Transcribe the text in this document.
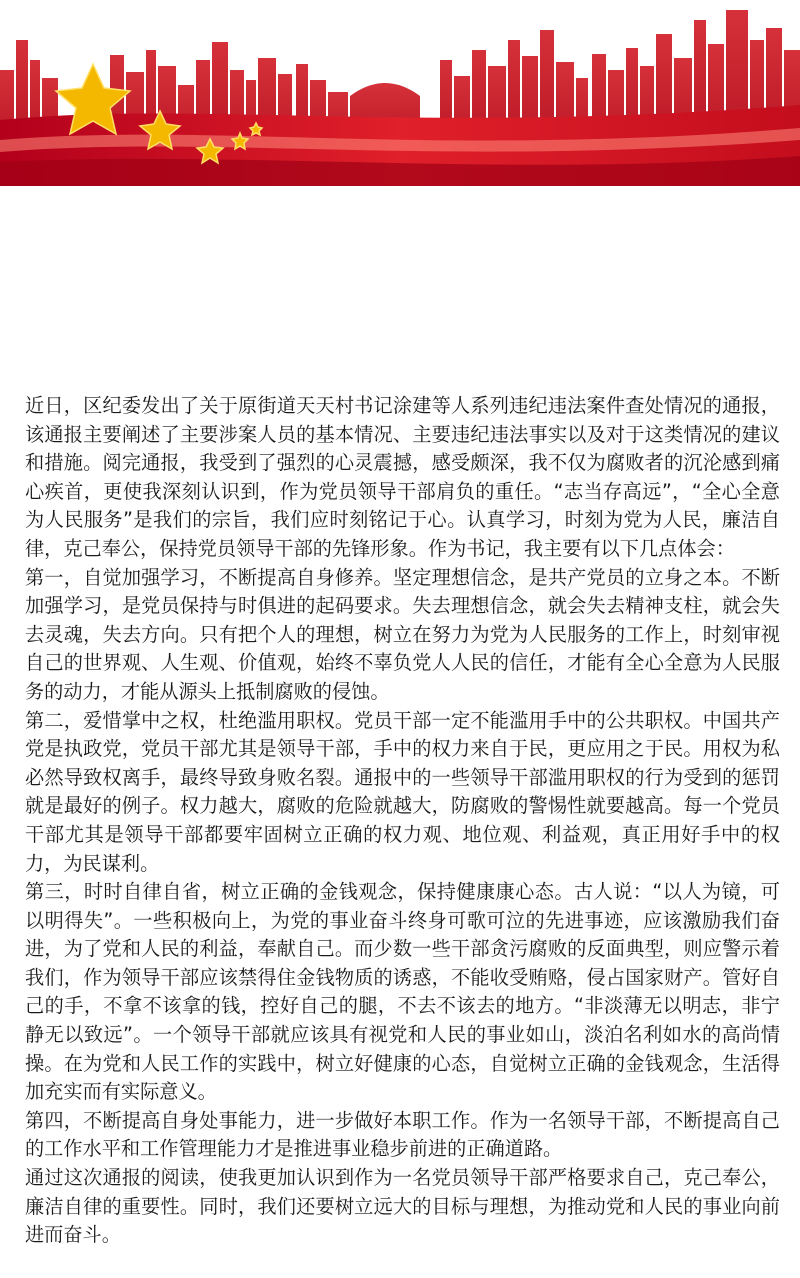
近日，区纪委发出了关于原街道天天村书记涂建等人系列违纪违法案件查处情况的通报，该通报主要阐述了主要涉案人员的基本情况、主要违纪违法事实以及对于这类情况的建议和措施。阅完通报，我受到了强烈的心灵震撼，感受颇深，我不仅为腐败者的沉沦感到痛心疾首，更使我深刻认识到，作为党员领导干部肩负的重任。“志当存高远”，“全心全意为人民服务”是我们的宗旨，我们应时刻铭记于心。认真学习，时刻为党为人民，廉洁自律，克己奉公，保持党员领导干部的先锋形象。作为书记，我主要有以下几点体会：

第一，自觉加强学习，不断提高自身修养。坚定理想信念，是共产党员的立身之本。不断加强学习，是党员保持与时俱进的起码要求。失去理想信念，就会失去精神支柱，就会失去灵魂，失去方向。只有把个人的理想，树立在努力为党为人民服务的工作上，时刻审视自己的世界观、人生观、价值观，始终不辜负党人人民的信任，才能有全心全意为人民服务的动力，才能从源头上抵制腐败的侵蚀。

第二，爱惜掌中之权，杜绝滥用职权。党员干部一定不能滥用手中的公共职权。中国共产党是执政党，党员干部尤其是领导干部，手中的权力来自于民，更应用之于民。用权为私必然导致权离手，最终导致身败名裂。通报中的一些领导干部滥用职权的行为受到的惩罚就是最好的例子。权力越大，腐败的危险就越大，防腐败的警惕性就要越高。每一个党员干部尤其是领导干部都要牢固树立正确的权力观、地位观、利益观，真正用好手中的权力，为民谋利。

第三，时时自律自省，树立正确的金钱观念，保持健康康心态。古人说：“以人为镜，可以明得失”。一些积极向上，为党的事业奋斗终身可歌可泣的先进事迹，应该激励我们奋进，为了党和人民的利益，奉献自己。而少数一些干部贪污腐败的反面典型，则应警示着我们，作为领导干部应该禁得住金钱物质的诱惑，不能收受贿赂，侵占国家财产。管好自己的手，不拿不该拿的钱，控好自己的腿，不去不该去的地方。“非淡薄无以明志，非宁静无以致远”。一个领导干部就应该具有视党和人民的事业如山，淡泊名利如水的高尚情操。在为党和人民工作的实践中，树立好健康的心态，自觉树立正确的金钱观念，生活得加充实而有实际意义。

第四，不断提高自身处事能力，进一步做好本职工作。作为一名领导干部，不断提高自己的工作水平和工作管理能力才是推进事业稳步前进的正确道路。

通过这次通报的阅读，使我更加认识到作为一名党员领导干部严格要求自己，克己奉公，廉洁自律的重要性。同时，我们还要树立远大的目标与理想，为推动党和人民的事业向前进而奋斗。
